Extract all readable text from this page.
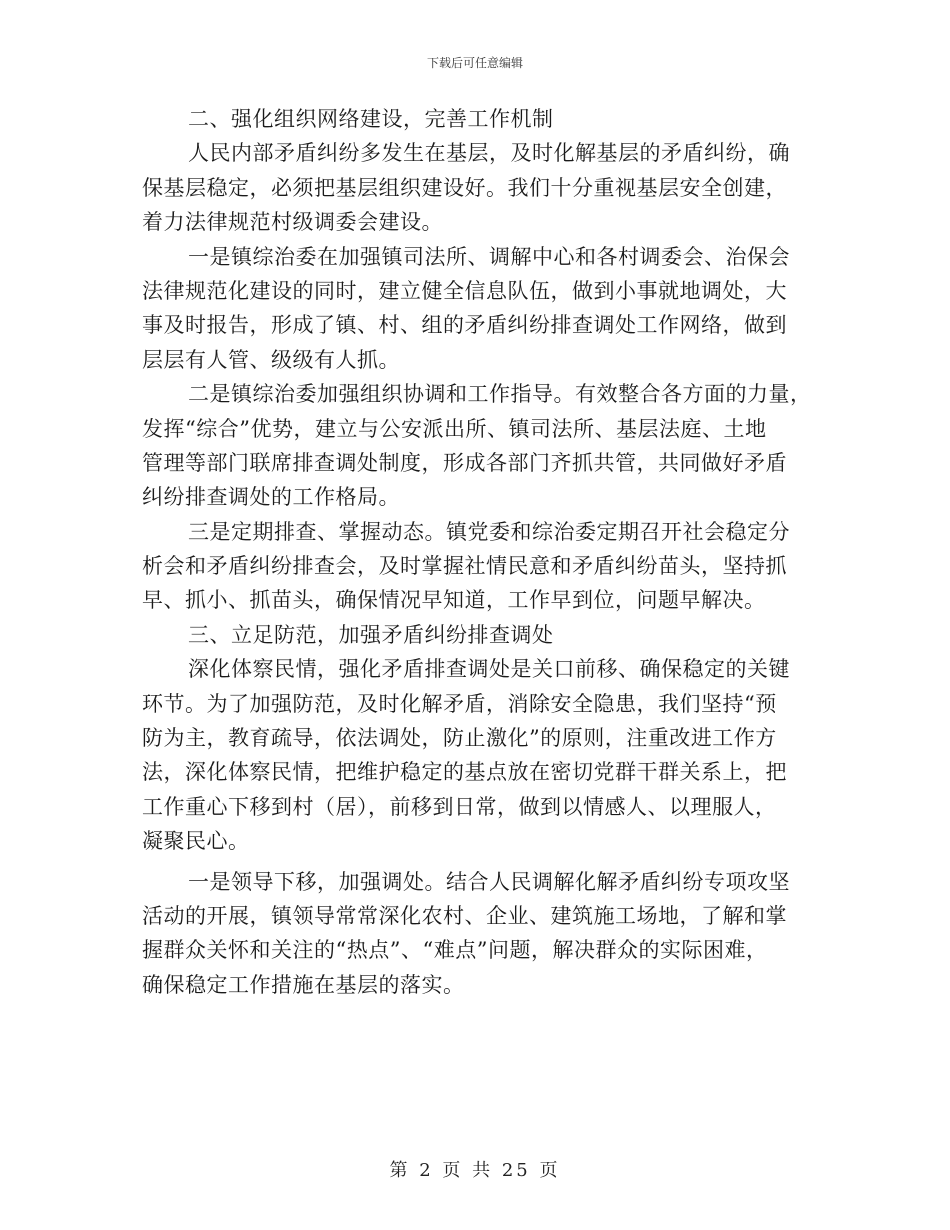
下载后可任意编辑
二、强化组织网络建设，完善工作机制
人民内部矛盾纠纷多发生在基层，及时化解基层的矛盾纠纷，确
保基层稳定，必须把基层组织建设好。我们十分重视基层安全创建，
着力法律规范村级调委会建设。
一是镇综治委在加强镇司法所、调解中心和各村调委会、治保会
法律规范化建设的同时，建立健全信息队伍，做到小事就地调处，大
事及时报告，形成了镇、村、组的矛盾纠纷排查调处工作网络，做到
层层有人管、级级有人抓。
二是镇综治委加强组织协调和工作指导。有效整合各方面的力量，
发挥“综合”优势，建立与公安派出所、镇司法所、基层法庭、土地
管理等部门联席排查调处制度，形成各部门齐抓共管，共同做好矛盾
纠纷排查调处的工作格局。
三是定期排查、掌握动态。镇党委和综治委定期召开社会稳定分
析会和矛盾纠纷排查会，及时掌握社情民意和矛盾纠纷苗头，坚持抓
早、抓小、抓苗头，确保情况早知道，工作早到位，问题早解决。
三、立足防范，加强矛盾纠纷排查调处
深化体察民情，强化矛盾排查调处是关口前移、确保稳定的关键
环节。为了加强防范，及时化解矛盾，消除安全隐患，我们坚持“预
防为主，教育疏导，依法调处，防止激化”的原则，注重改进工作方
法，深化体察民情，把维护稳定的基点放在密切党群干群关系上，把
工作重心下移到村（居），前移到日常，做到以情感人、以理服人，
凝聚民心。
一是领导下移，加强调处。结合人民调解化解矛盾纠纷专项攻坚
活动的开展，镇领导常常深化农村、企业、建筑施工场地，了解和掌
握群众关怀和关注的“热点”、“难点”问题，解决群众的实际困难，
确保稳定工作措施在基层的落实。
第 2 页 共 25 页
